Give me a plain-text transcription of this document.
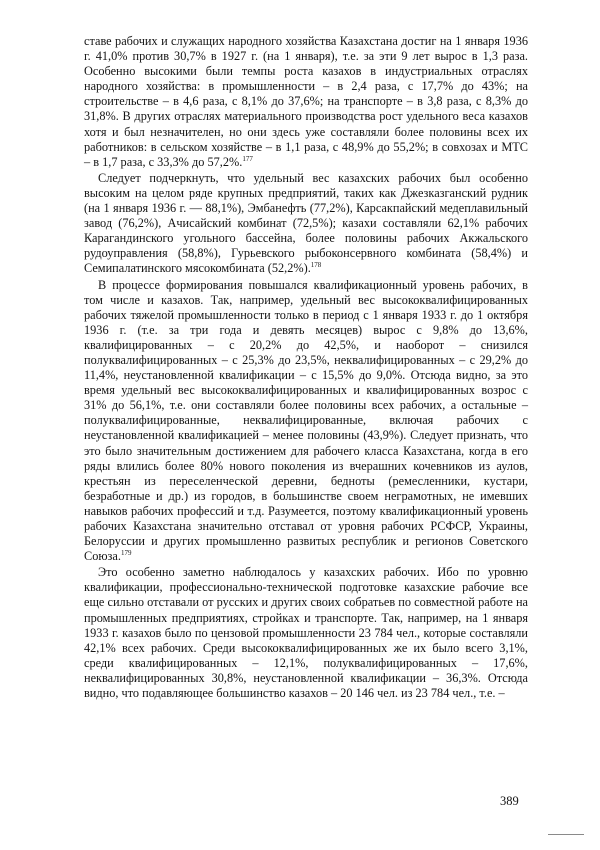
ставе рабочих и служащих народного хозяйства Казахстана достиг на 1 января 1936 г. 41,0% против 30,7% в 1927 г. (на 1 января), т.е. за эти 9 лет вырос в 1,3 раза. Особенно высокими были темпы роста казахов в индустриальных отраслях народного хозяйства: в промышленности – в 2,4 раза, с 17,7% до 43%; на строительстве – в 4,6 раза, с 8,1% до 37,6%; на транспорте – в 3,8 раза, с 8,3% до 31,8%. В других отраслях материального производства рост удельного веса казахов хотя и был незначителен, но они здесь уже составляли более половины всех их работников: в сельском хозяйстве – в 1,1 раза, с 48,9% до 55,2%; в совхозах и МТС – в 1,7 раза, с 33,3% до 57,2%.$^{177}$

Следует подчеркнуть, что удельный вес казахских рабочих был особенно высоким на целом ряде крупных предприятий, таких как Джезказганский рудник (на 1 января 1936 г. — 88,1%), Эмбанефть (77,2%), Карсакпайский медеплавильный завод (76,2%), Ачисайский комбинат (72,5%); казахи составляли 62,1% рабочих Карагандинского угольного бассейна, более половины рабочих Акжальского рудоуправления (58,8%), Гурьевского рыбоконсервного комбината (58,4%) и Семипалатинского мясокомбината (52,2%).$^{178}$

В процессе формирования повышался квалификационный уровень рабочих, в том числе и казахов. Так, например, удельный вес высококвалифицированных рабочих тяжелой промышленности только в период с 1 января 1933 г. до 1 октября 1936 г. (т.е. за три года и девять месяцев) вырос с 9,8% до 13,6%, квалифицированных – с 20,2% до 42,5%, и наоборот – снизился полуквалифицированных – с 25,3% до 23,5%, неквалифицированных – с 29,2% до 11,4%, неустановленной квалификации – с 15,5% до 9,0%. Отсюда видно, за это время удельный вес высококвалифицированных и квалифицированных возрос с 31% до 56,1%, т.е. они составляли более половины всех рабочих, а остальные – полуквалифицированные, неквалифицированные, включая рабочих с неустановленной квалификацией – менее половины (43,9%). Следует признать, что это было значительным достижением для рабочего класса Казахстана, когда в его ряды влились более 80% нового поколения из вчерашних кочевников из аулов, крестьян из переселенческой деревни, бедноты (ремесленники, кустари, безработные и др.) из городов, в большинстве своем неграмотных, не имевших навыков рабочих профессий и т.д. Разумеется, поэтому квалификационный уровень рабочих Казахстана значительно отставал от уровня рабочих РСФСР, Украины, Белоруссии и других промышленно развитых республик и регионов Советского Союза.$^{179}$

Это особенно заметно наблюдалось у казахских рабочих. Ибо по уровню квалификации, профессионально-технической подготовке казахские рабочие все еще сильно отставали от русских и других своих собратьев по совместной работе на промышленных предприятиях, стройках и транспорте. Так, например, на 1 января 1933 г. казахов было по цензовой промышленности 23 784 чел., которые составляли 42,1% всех рабочих. Среди высококвалифицированных же их было всего 3,1%, среди квалифицированных – 12,1%, полуквалифицированных – 17,6%, неквалифицированных 30,8%, неустановленной квалификации – 36,3%. Отсюда видно, что подавляющее большинство казахов – 20 146 чел. из 23 784 чел., т.е. –

389
